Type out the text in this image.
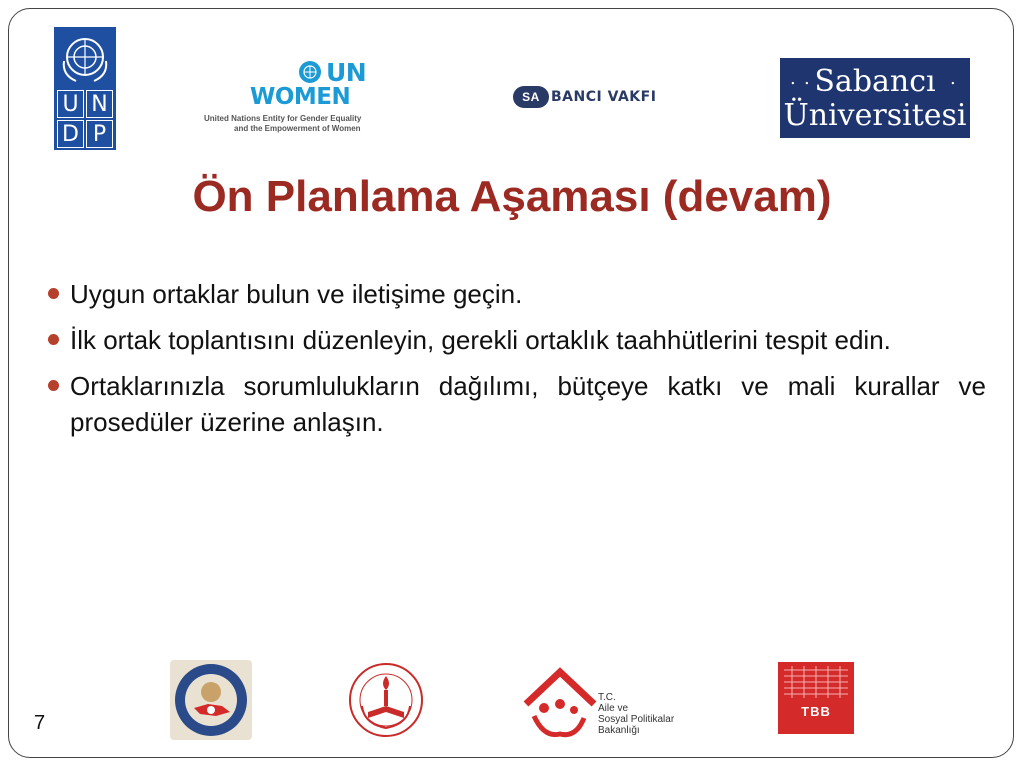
U N
D P
UN
WOMEN
United Nations Entity for Gender Equality
and the Empowerment of Women
SA BANCI VAKFI
. .	.
Sabancı
Üniversitesi
Ön Planlama Aşaması (devam)
Uygun ortaklar bulun ve iletişime geçin.
İlk ortak toplantısını düzenleyin, gerekli ortaklık taahhütlerini tespit edin.
Ortaklarınızla sorumlulukların dağılımı, bütçeye katkı ve mali kurallar ve prosedüler üzerine anlaşın.
T.C.
Aile ve
Sosyal Politikalar
Bakanlığı
TBB
7
